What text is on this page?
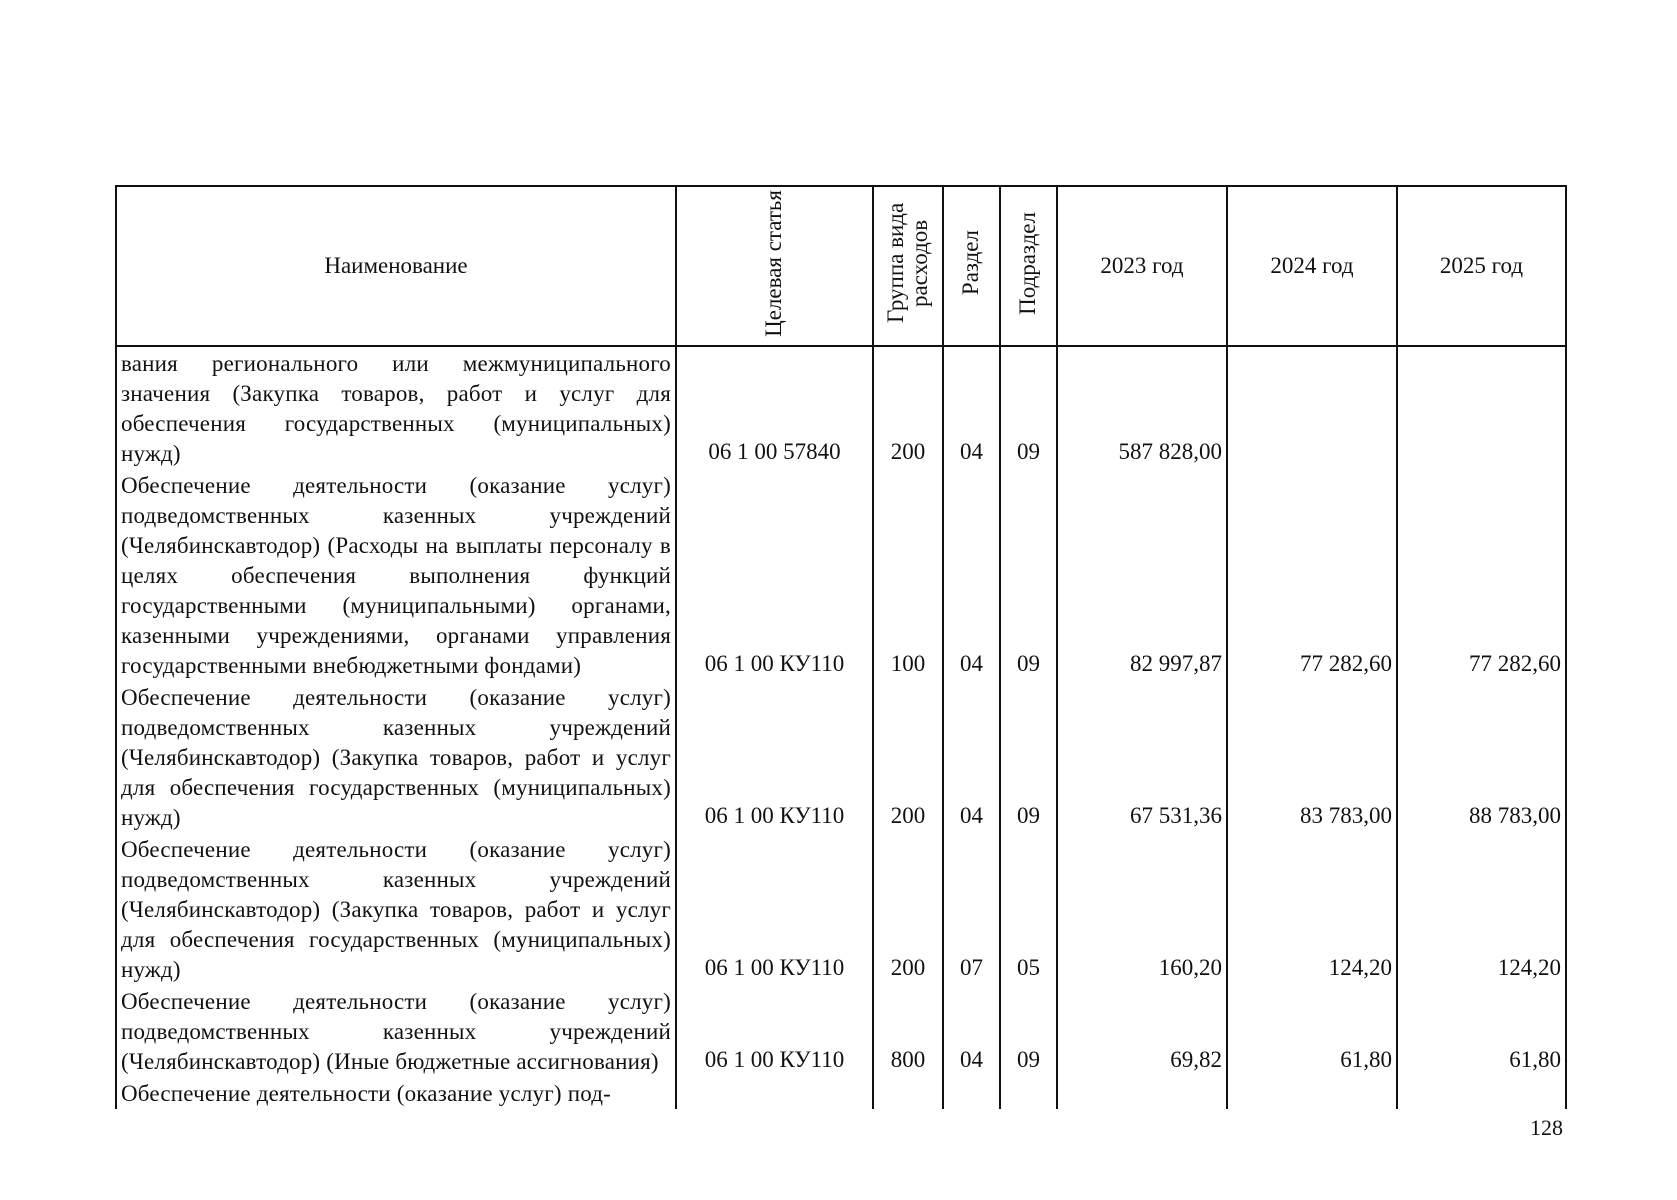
Наименование	Целевая статья	Группа вида расходов	Раздел	Подраздел	2023 год	2024 год	2025 год
вания регионального или межмуниципального значения (Закупка товаров, работ и услуг для обеспечения государственных (муниципальных) нужд)	06 1 00 57840	200	04	09	587 828,00		
Обеспечение деятельности (оказание услуг) подведомственных казенных учреждений (Челябинскавтодор) (Расходы на выплаты персоналу в целях обеспечения выполнения функций государственными (муниципальными) органами, казенными учреждениями, органами управления государственными внебюджетными фондами)	06 1 00 КУ110	100	04	09	82 997,87	77 282,60	77 282,60
Обеспечение деятельности (оказание услуг) подведомственных казенных учреждений (Челябинскавтодор) (Закупка товаров, работ и услуг для обеспечения государственных (муниципальных) нужд)	06 1 00 КУ110	200	04	09	67 531,36	83 783,00	88 783,00
Обеспечение деятельности (оказание услуг) подведомственных казенных учреждений (Челябинскавтодор) (Закупка товаров, работ и услуг для обеспечения государственных (муниципальных) нужд)	06 1 00 КУ110	200	07	05	160,20	124,20	124,20
Обеспечение деятельности (оказание услуг) подведомственных казенных учреждений (Челябинскавтодор) (Иные бюджетные ассигнования)	06 1 00 КУ110	800	04	09	69,82	61,80	61,80
Обеспечение деятельности (оказание услуг) под-							
128
